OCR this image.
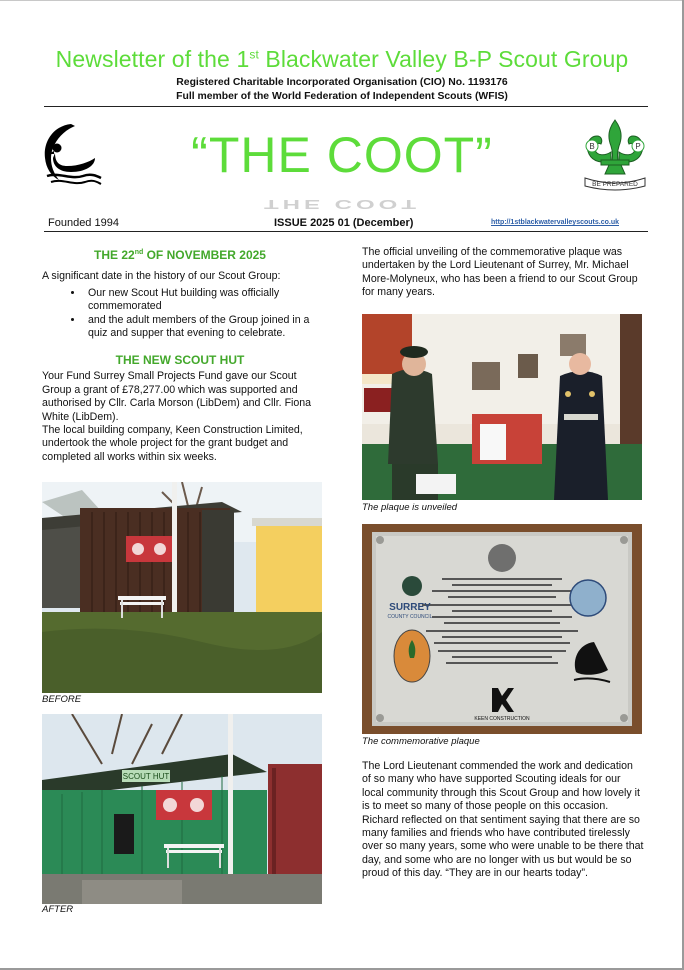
Newsletter of the 1st Blackwater Valley B-P Scout Group
Registered Charitable Incorporated Organisation (CIO) No. 1193176
Full member of the World Federation of Independent Scouts (WFIS)
“THE COOT”
THE COOT
B	P
BE PREPARED
Founded 1994	ISSUE 2025 01 (December)	http://1stblackwatervalleyscouts.co.uk
THE 22nd OF NOVEMBER 2025

A significant date in the history of our Scout Group:

• Our new Scout Hut building was officially commemorated
• and the adult members of the Group joined in a quiz and supper that evening to celebrate.
THE NEW SCOUT HUT

Your Fund Surrey Small Projects Fund gave our Scout Group a grant of £78,277.00 which was supported and authorised by Cllr. Carla Morson (LibDem) and Cllr. Fiona White (LibDem).

The local building company, Keen Construction Limited, undertook the whole project for the grant budget and completed all works within six weeks.

BEFORE
SCOUT HUT
AFTER
The official unveiling of the commemorative plaque was undertaken by the Lord Lieutenant of Surrey, Mr. Michael More-Molyneux, who has been a friend to our Scout Group for many years.
The plaque is unveiled
SURREY
COUNTY COUNCIL
KEEN CONSTRUCTION
The commemorative plaque
The Lord Lieutenant commended the work and dedication of so many who have supported Scouting ideals for our local community through this Scout Group and how lovely it is to meet so many of those people on this occasion. Richard reflected on that sentiment saying that there are so many families and friends who have contributed tirelessly over so many years, some who were unable to be there that day, and some who are no longer with us but would be so proud of this day. “They are in our hearts today”.
